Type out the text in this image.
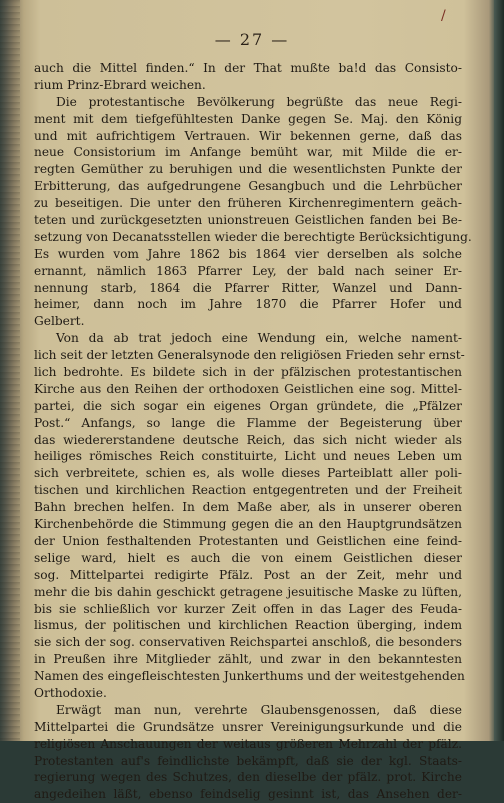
/
— 27 —
auch die Mittel finden.“ In der That mußte ba!d das Consisto-
rium Prinz-Ebrard weichen.
Die protestantische Bevölkerung begrüßte das neue Regi-
ment mit dem tiefgefühltesten Danke gegen Se. Maj. den König
und mit aufrichtigem Vertrauen. Wir bekennen gerne, daß das
neue Consistorium im Anfange bemüht war, mit Milde die er-
regten Gemüther zu beruhigen und die wesentlichsten Punkte der
Erbitterung, das aufgedrungene Gesangbuch und die Lehrbücher
zu beseitigen. Die unter den früheren Kirchenregimentern geäch-
teten und zurückgesetzten unionstreuen Geistlichen fanden bei Be-
setzung von Decanatsstellen wieder die berechtigte Berücksichtigung.
Es wurden vom Jahre 1862 bis 1864 vier derselben als solche
ernannt, nämlich 1863 Pfarrer Ley, der bald nach seiner Er-
nennung starb, 1864 die Pfarrer Ritter, Wanzel und Dann-
heimer, dann noch im Jahre 1870 die Pfarrer Hofer und
Gelbert.
Von da ab trat jedoch eine Wendung ein, welche nament-
lich seit der letzten Generalsynode den religiösen Frieden sehr ernst-
lich bedrohte. Es bildete sich in der pfälzischen protestantischen
Kirche aus den Reihen der orthodoxen Geistlichen eine sog. Mittel-
partei, die sich sogar ein eigenes Organ gründete, die „Pfälzer
Post.“ Anfangs, so lange die Flamme der Begeisterung über
das wiedererstandene deutsche Reich, das sich nicht wieder als
heiliges römisches Reich constituirte, Licht und neues Leben um
sich verbreitete, schien es, als wolle dieses Parteiblatt aller poli-
tischen und kirchlichen Reaction entgegentreten und der Freiheit
Bahn brechen helfen. In dem Maße aber, als in unserer oberen
Kirchenbehörde die Stimmung gegen die an den Hauptgrundsätzen
der Union festhaltenden Protestanten und Geistlichen eine feind-
selige ward, hielt es auch die von einem Geistlichen dieser
sog. Mittelpartei redigirte Pfälz. Post an der Zeit, mehr und
mehr die bis dahin geschickt getragene jesuitische Maske zu lüften,
bis sie schließlich vor kurzer Zeit offen in das Lager des Feuda-
lismus, der politischen und kirchlichen Reaction überging, indem
sie sich der sog. conservativen Reichspartei anschloß, die besonders
in Preußen ihre Mitglieder zählt, und zwar in den bekanntesten
Namen des eingefleischtesten Junkerthums und der weitestgehenden
Orthodoxie.
Erwägt man nun, verehrte Glaubensgenossen, daß diese
Mittelpartei die Grundsätze unsrer Vereinigungsurkunde und die
religiösen Anschauungen der weitaus größeren Mehrzahl der pfälz.
Protestanten auf's feindlichste bekämpft, daß sie der kgl. Staats-
regierung wegen des Schutzes, den dieselbe der pfälz. prot. Kirche
angedeihen läßt, ebenso feindselig gesinnt ist, das Ansehen der-
